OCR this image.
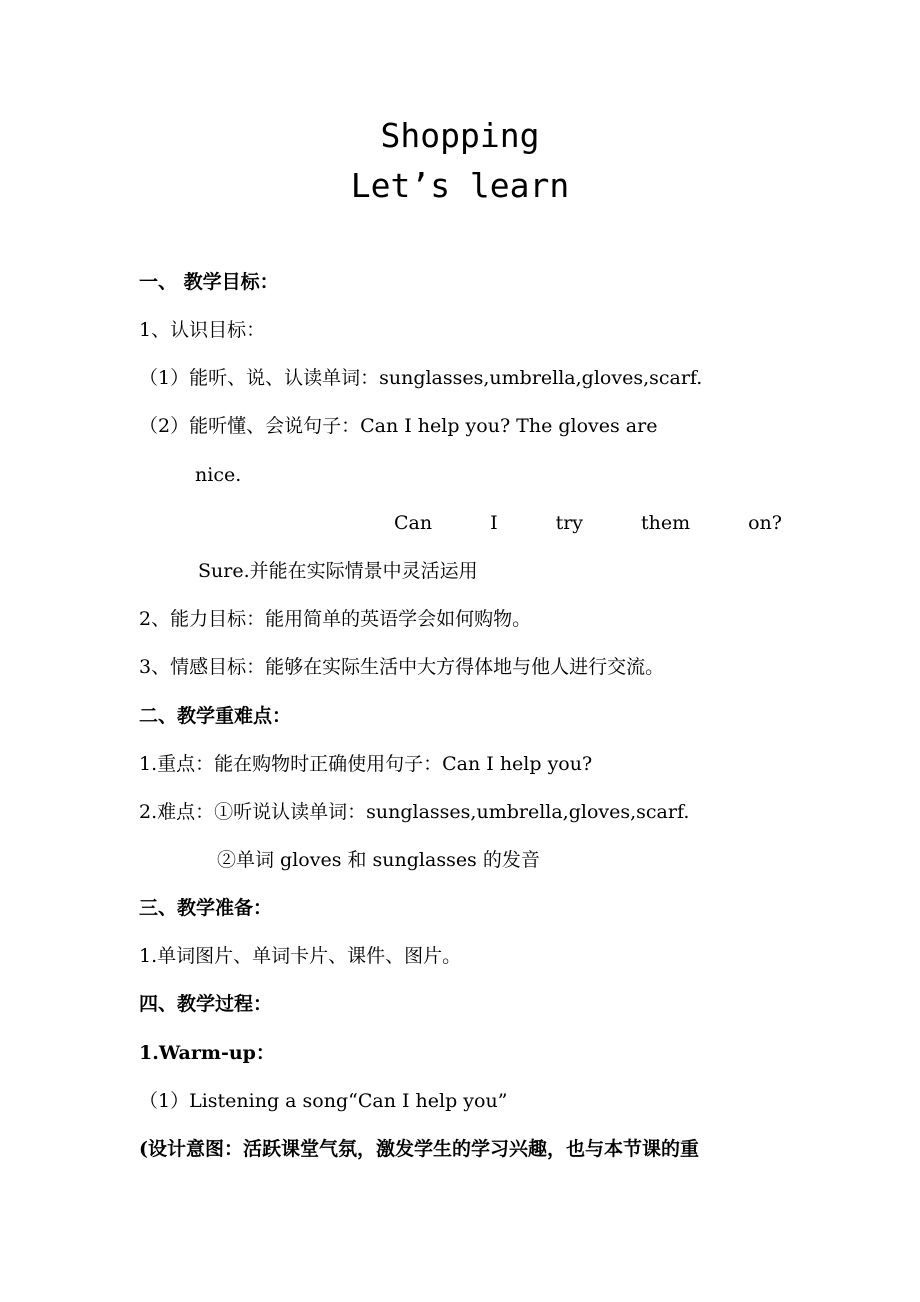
Shopping
Let’s learn
一、 教学目标：
1、认识目标：
（1）能听、说、认读单词：sunglasses,umbrella,gloves,scarf.
（2）能听懂、会说句子：Can I help you? The gloves are
nice.
Can	I	try	them	on?
Sure.并能在实际情景中灵活运用
2、能力目标：能用简单的英语学会如何购物。
3、情感目标：能够在实际生活中大方得体地与他人进行交流。
二、教学重难点：
1.重点：能在购物时正确使用句子：Can I help you?
2.难点：①听说认读单词：sunglasses,umbrella,gloves,scarf.
②单词 gloves 和 sunglasses 的发音
三、教学准备：
1.单词图片、单词卡片、课件、图片。
四、教学过程：
1.Warm-up：
（1）Listening a song“Can I help you”
(设计意图：活跃课堂气氛，激发学生的学习兴趣，也与本节课的重
